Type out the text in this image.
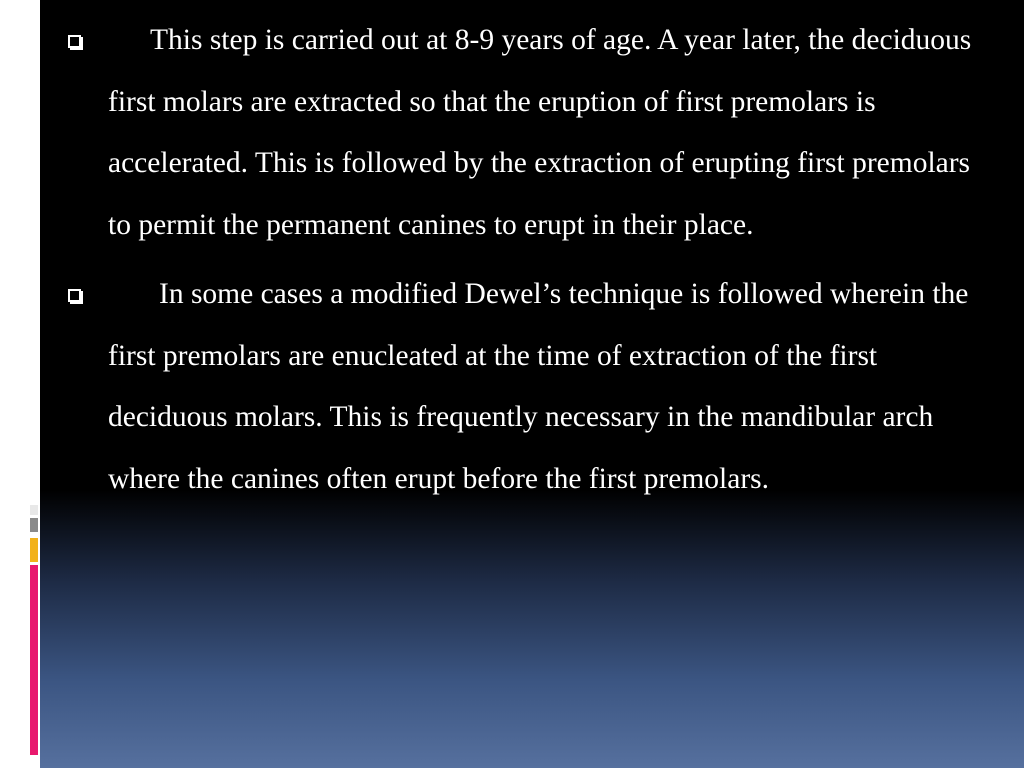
This step is carried out at 8-9 years of age. A year later, the deciduous first molars are extracted so that the eruption of first premolars is accelerated. This is followed by the extraction of erupting first premolars to permit the permanent canines to erupt in their place.
In some cases a modified Dewel’s technique is followed wherein the first premolars are enucleated at the time of extraction of the first deciduous molars. This is frequently necessary in the mandibular arch where the canines often erupt before the first premolars.
